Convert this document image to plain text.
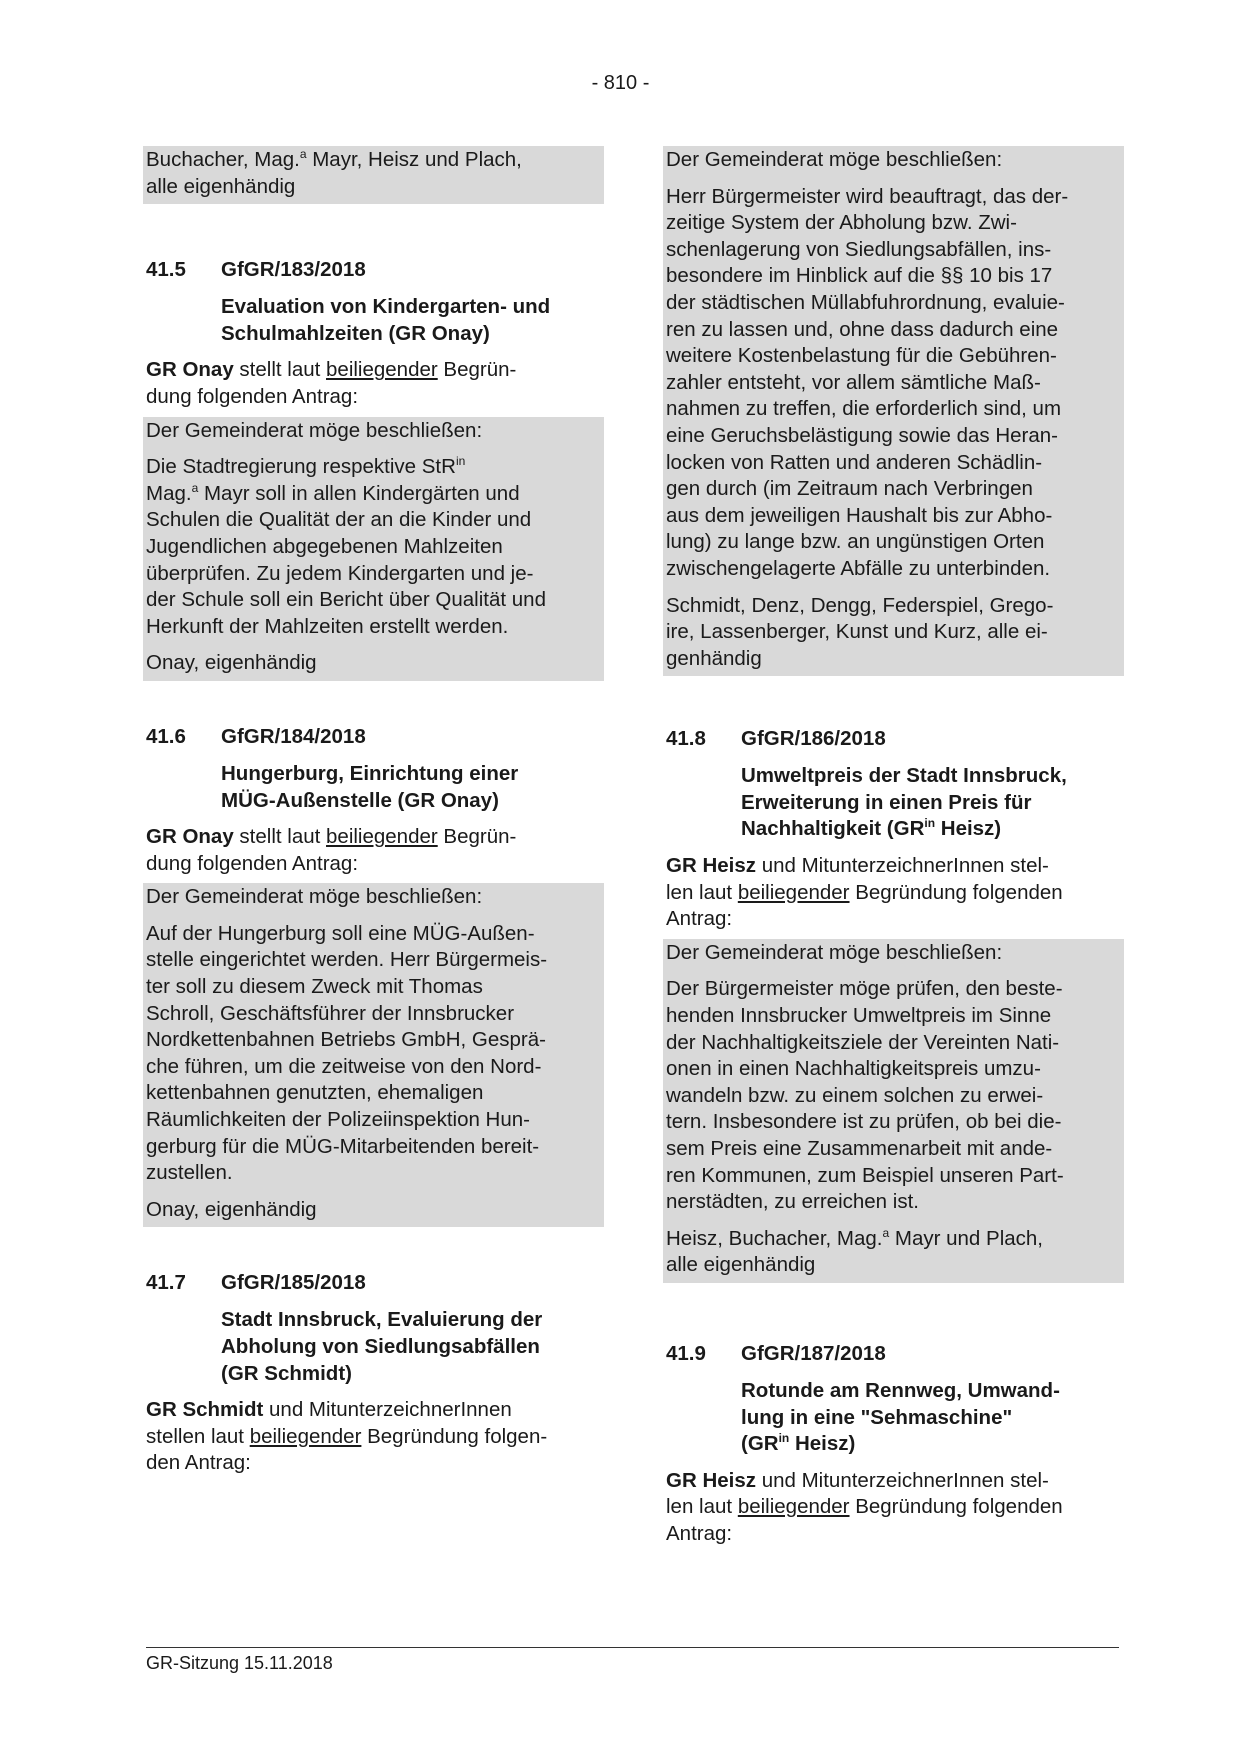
- 810 -

Buchacher, Mag.$^a$ Mayr, Heisz und Plach,
alle eigenhändig

41.5 GfGR/183/2018
Evaluation von Kindergarten- und
Schulmahlzeiten (GR Onay)

GR Onay stellt laut beiliegender Begrün-
dung folgenden Antrag:

Der Gemeinderat möge beschließen:

Die Stadtregierung respektive StR$^{in}$
Mag.$^a$ Mayr soll in allen Kindergärten und
Schulen die Qualität der an die Kinder und
Jugendlichen abgegebenen Mahlzeiten
überprüfen. Zu jedem Kindergarten und je-
der Schule soll ein Bericht über Qualität und
Herkunft der Mahlzeiten erstellt werden.

Onay, eigenhändig

41.6 GfGR/184/2018
Hungerburg, Einrichtung einer
MÜG-Außenstelle (GR Onay)

GR Onay stellt laut beiliegender Begrün-
dung folgenden Antrag:

Der Gemeinderat möge beschließen:

Auf der Hungerburg soll eine MÜG-Außen-
stelle eingerichtet werden. Herr Bürgermeis-
ter soll zu diesem Zweck mit Thomas
Schroll, Geschäftsführer der Innsbrucker
Nordkettenbahnen Betriebs GmbH, Gesprä-
che führen, um die zeitweise von den Nord-
kettenbahnen genutzten, ehemaligen
Räumlichkeiten der Polizeiinspektion Hun-
gerburg für die MÜG-Mitarbeitenden bereit-
zustellen.

Onay, eigenhändig

41.7 GfGR/185/2018
Stadt Innsbruck, Evaluierung der
Abholung von Siedlungsabfällen
(GR Schmidt)

GR Schmidt und MitunterzeichnerInnen
stellen laut beiliegender Begründung folgen-
den Antrag:

Der Gemeinderat möge beschließen:

Herr Bürgermeister wird beauftragt, das der-
zeitige System der Abholung bzw. Zwi-
schenlagerung von Siedlungsabfällen, ins-
besondere im Hinblick auf die §§ 10 bis 17
der städtischen Müllabfuhrordnung, evaluie-
ren zu lassen und, ohne dass dadurch eine
weitere Kostenbelastung für die Gebühren-
zahler entsteht, vor allem sämtliche Maß-
nahmen zu treffen, die erforderlich sind, um
eine Geruchsbelästigung sowie das Heran-
locken von Ratten und anderen Schädlin-
gen durch (im Zeitraum nach Verbringen
aus dem jeweiligen Haushalt bis zur Abho-
lung) zu lange bzw. an ungünstigen Orten
zwischengelagerte Abfälle zu unterbinden.

Schmidt, Denz, Dengg, Federspiel, Grego-
ire, Lassenberger, Kunst und Kurz, alle ei-
genhändig

41.8 GfGR/186/2018
Umweltpreis der Stadt Innsbruck,
Erweiterung in einen Preis für
Nachhaltigkeit ($GR^{in}$ Heisz)

GR Heisz und MitunterzeichnerInnen stel-
len laut beiliegender Begründung folgenden
Antrag:

Der Gemeinderat möge beschließen:

Der Bürgermeister möge prüfen, den beste-
henden Innsbrucker Umweltpreis im Sinne
der Nachhaltigkeitsziele der Vereinten Nati-
onen in einen Nachhaltigkeitspreis umzu-
wandeln bzw. zu einem solchen zu erwei-
tern. Insbesondere ist zu prüfen, ob bei die-
sem Preis eine Zusammenarbeit mit ande-
ren Kommunen, zum Beispiel unseren Part-
nerstädten, zu erreichen ist.

Heisz, Buchacher, Mag.$^a$ Mayr und Plach,
alle eigenhändig

41.9 GfGR/187/2018
Rotunde am Rennweg, Umwand-
lung in eine "Sehmaschine"
($GR^{in}$ Heisz)

GR Heisz und MitunterzeichnerInnen stel-
len laut beiliegender Begründung folgenden
Antrag:

GR-Sitzung 15.11.2018
